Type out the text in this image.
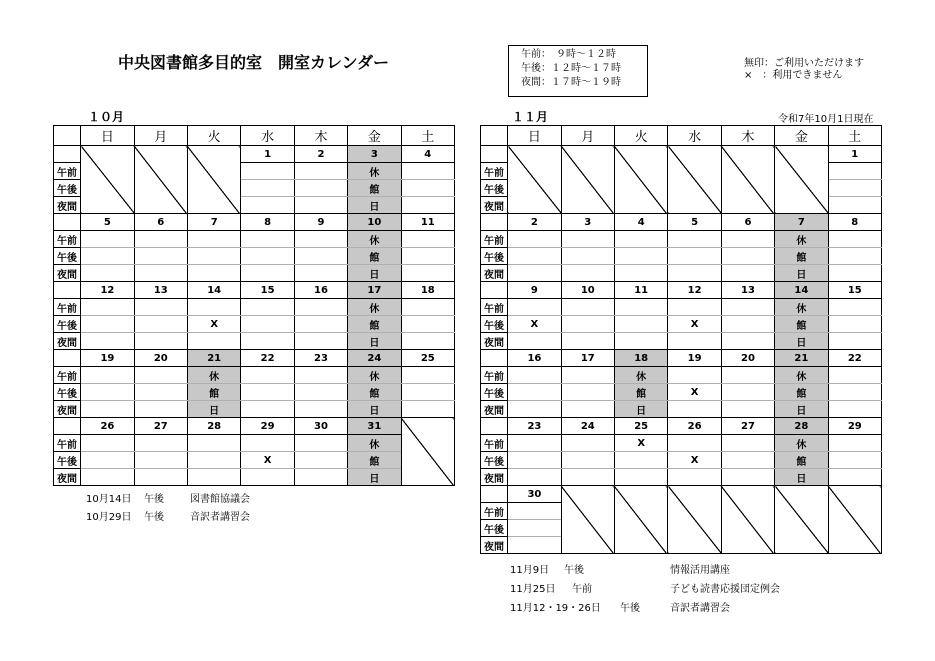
中央図書館多目的室　開室カレンダー	午前：　９時～１２時
午後：１２時～１７時
夜間：１７時～１９時
無印：ご利用いただけます
×　：利用できません
１０月	１１月	令和7年10月1日現在
	日	月	火	水	木	金	土
				1	2	3	4
午前						休	
午後						館	
夜間						日	
	5	6	7	8	9	10	11
午前						休	
午後						館	
夜間						日	
	12	13	14	15	16	17	18
午前						休	
午後			X			館	
夜間						日	
	19	20	21	22	23	24	25
午前			休			休	
午後			館			館	
夜間			日			日	
	26	27	28	29	30	31	
午前						休	
午後				X		館	
夜間						日	
	日	月	火	水	木	金	土
							1
午前							
午後							
夜間							
	2	3	4	5	6	7	8
午前						休	
午後						館	
夜間						日	
	9	10	11	12	13	14	15
午前						休	
午後	X			X		館	
夜間						日	
	16	17	18	19	20	21	22
午前			休			休	
午後			館	X		館	
夜間			日			日	
	23	24	25	26	27	28	29
午前			X			休	
午後				X		館	
夜間						日	
	30						
午前							
午後							
夜間							
10月14日 午後	図書館協議会
10月29日 午後	音訳者講習会
11月9日 午後	情報活用講座
11月25日 午前	子ども読書応援団定例会
11月12・19・26日 午後	音訳者講習会
